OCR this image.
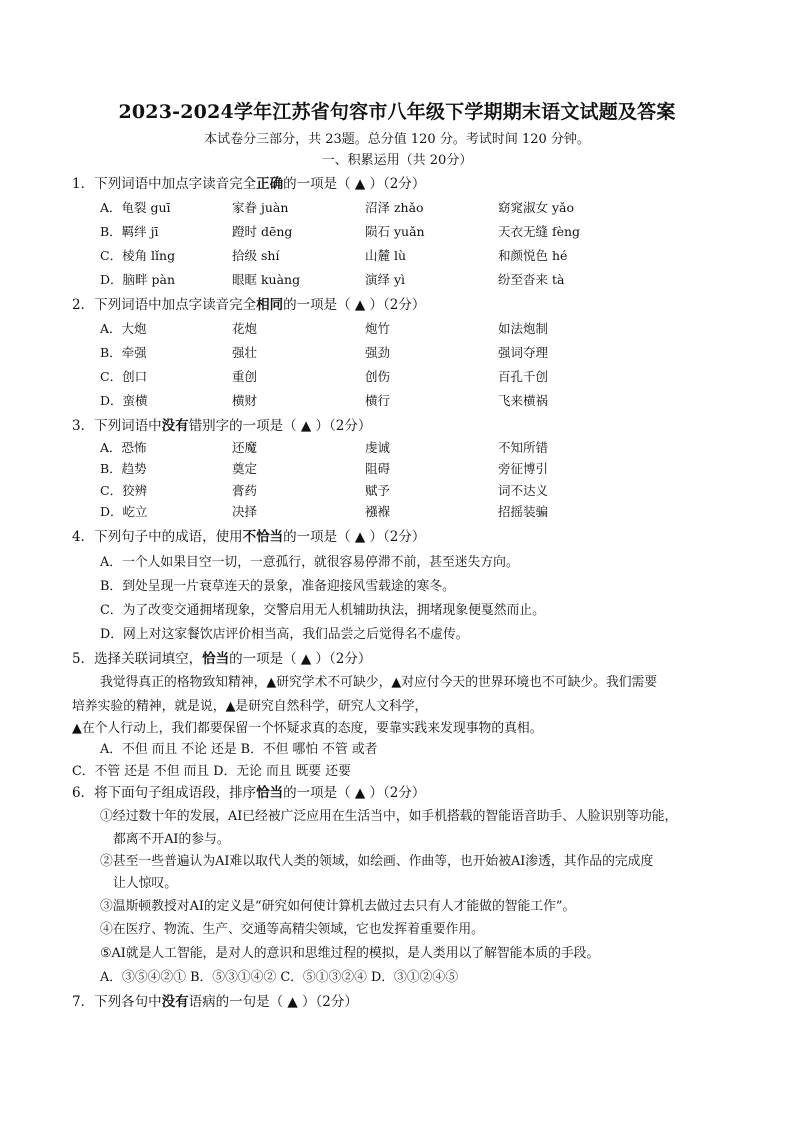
2023-2024学年江苏省句容市八年级下学期期末语文试题及答案
本试卷分三部分，共 23题。总分值 120 分。考试时间 120 分钟。
一、积累运用（共 20分）
1．下列词语中加点字读音完全正确的一项是（ ▲ ）（2分）
A．龟裂 guī	家眷 juàn	沼泽 zhǎo	窈窕淑女 yǎo
B．羁绊 jī	蹬时 dēng	陨石 yuǎn	天衣无缝 fèng
C．棱角 lǐng	拾级 shí	山麓 lù	和颜悦色 hé
D．脑畔 pàn	眼眶 kuàng	演绎 yì	纷至沓来 tà
2．下列词语中加点字读音完全相同的一项是（ ▲ ）（2分）
A．大炮	花炮	炮竹	如法炮制
B．牵强	强壮	强劲	强词夺理
C．创口	重创	创伤	百孔千创
D．蛮横	横财	横行	飞来横祸
3．下列词语中没有错别字的一项是（ ▲ ）（2分）
A．恐怖	还魔	虔诚	不知所错
B．趋势	奠定	阻碍	旁征博引
C．狡辨	膏药	赋予	词不达义
D．屹立	决择	襁褓	招摇装骗
4．下列句子中的成语，使用不恰当的一项是（ ▲ ）（2分）
A．一个人如果目空一切，一意孤行，就很容易停滞不前，甚至迷失方向。
B．到处呈现一片衰草连天的景象，准备迎接风雪载途的寒冬。
C．为了改变交通拥堵现象，交警启用无人机辅助执法，拥堵现象便戛然而止。
D．网上对这家餐饮店评价相当高，我们品尝之后觉得名不虚传。
5．选择关联词填空，恰当的一项是（ ▲ ）（2分）
我觉得真正的格物致知精神，▲研究学术不可缺少，▲对应付今天的世界环境也不可缺少。我们需要
培养实验的精神，就是说，▲是研究自然科学，研究人文科学，
▲在个人行动上，我们都要保留一个怀疑求真的态度，要靠实践来发现事物的真相。
A．不但 而且 不论 还是 B．不但 哪怕 不管 或者
C．不管 还是 不但 而且 D．无论 而且 既要 还要
6．将下面句子组成语段，排序恰当的一项是（ ▲ ）（2分）
①经过数十年的发展，AI已经被广泛应用在生活当中，如手机搭载的智能语音助手、人脸识别等功能，
都离不开AI的参与。
②甚至一些普遍认为AI难以取代人类的领域，如绘画、作曲等，也开始被AI渗透，其作品的完成度
让人惊叹。
③温斯顿教授对AI的定义是“研究如何使计算机去做过去只有人才能做的智能工作”。
④在医疗、物流、生产、交通等高精尖领域，它也发挥着重要作用。
⑤AI就是人工智能，是对人的意识和思维过程的模拟，是人类用以了解智能本质的手段。
A．③⑤④②① B．⑤③①④② C．⑤①③②④ D．③①②④⑤
7．下列各句中没有语病的一句是（ ▲ ）（2分）
